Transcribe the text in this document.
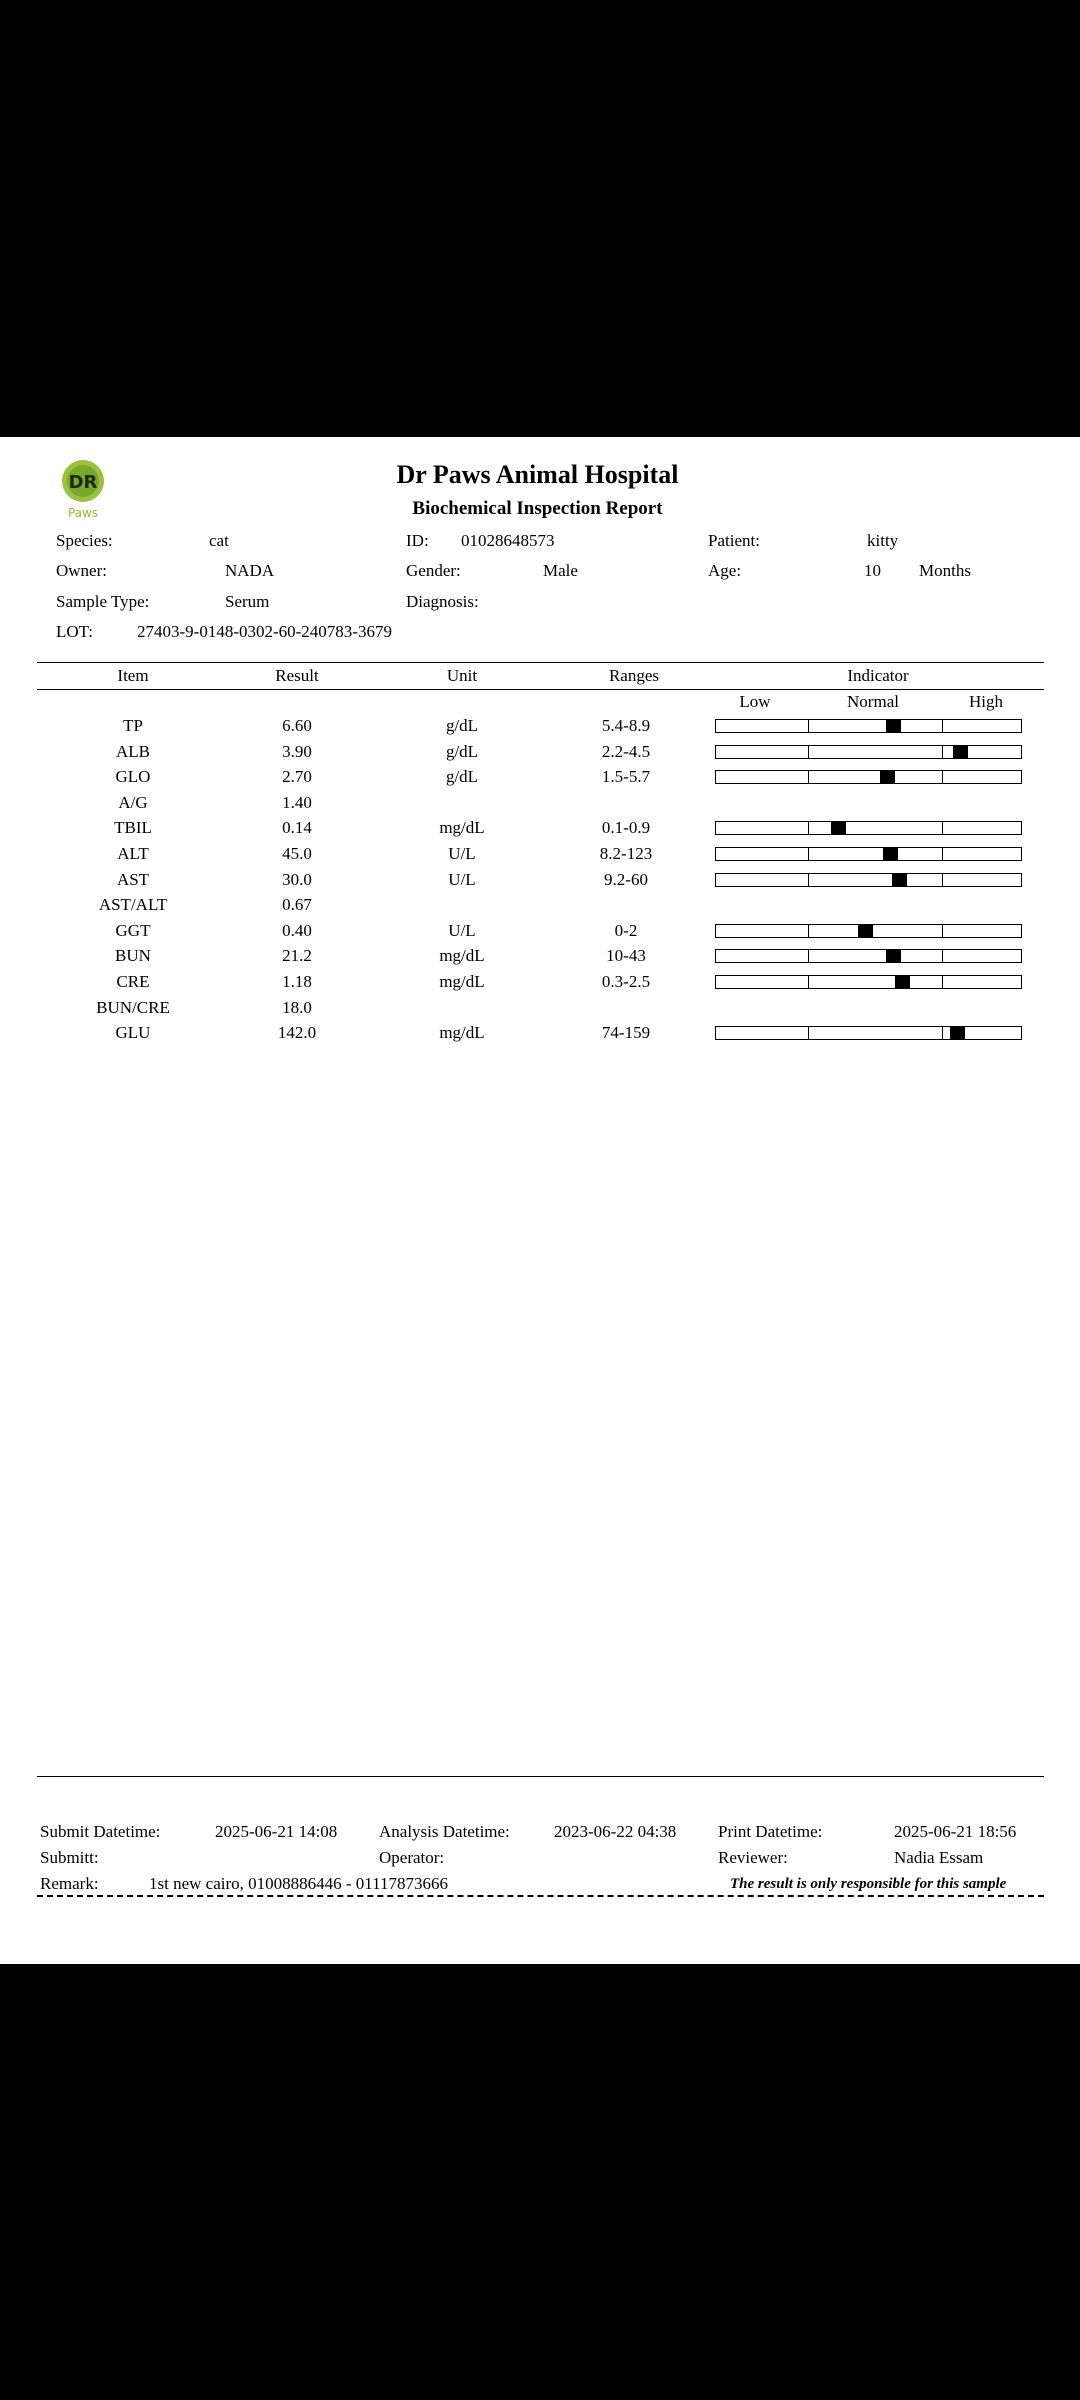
DR
Paws
Dr Paws Animal Hospital
Biochemical Inspection Report
Species:	cat	ID: 01028648573	Patient:	kitty
Owner:	NADA	Gender:	Male	Age:	10 Months
Sample Type:	Serum	Diagnosis:
LOT:	27403-9-0148-0302-60-240783-3679
Item	Result	Unit	Ranges	Indicator
Low	Normal	High
TP	6.60	g/dL	5.4-8.9
ALB	3.90	g/dL	2.2-4.5
GLO	2.70	g/dL	1.5-5.7
A/G	1.40
TBIL	0.14	mg/dL	0.1-0.9
ALT	45.0	U/L	8.2-123
AST	30.0	U/L	9.2-60
AST/ALT	0.67
GGT	0.40	U/L	0-2
BUN	21.2	mg/dL	10-43
CRE	1.18	mg/dL	0.3-2.5
BUN/CRE	18.0
GLU	142.0	mg/dL	74-159
Submit Datetime:	2025-06-21 14:08 Analysis Datetime:	2023-06-22 04:38 Print Datetime:	2025-06-21 18:56
Submitt:	Operator:	Reviewer:	Nadia Essam
Remark:	1st new cairo, 01008886446 - 01117873666	The result is only responsible for this sample
